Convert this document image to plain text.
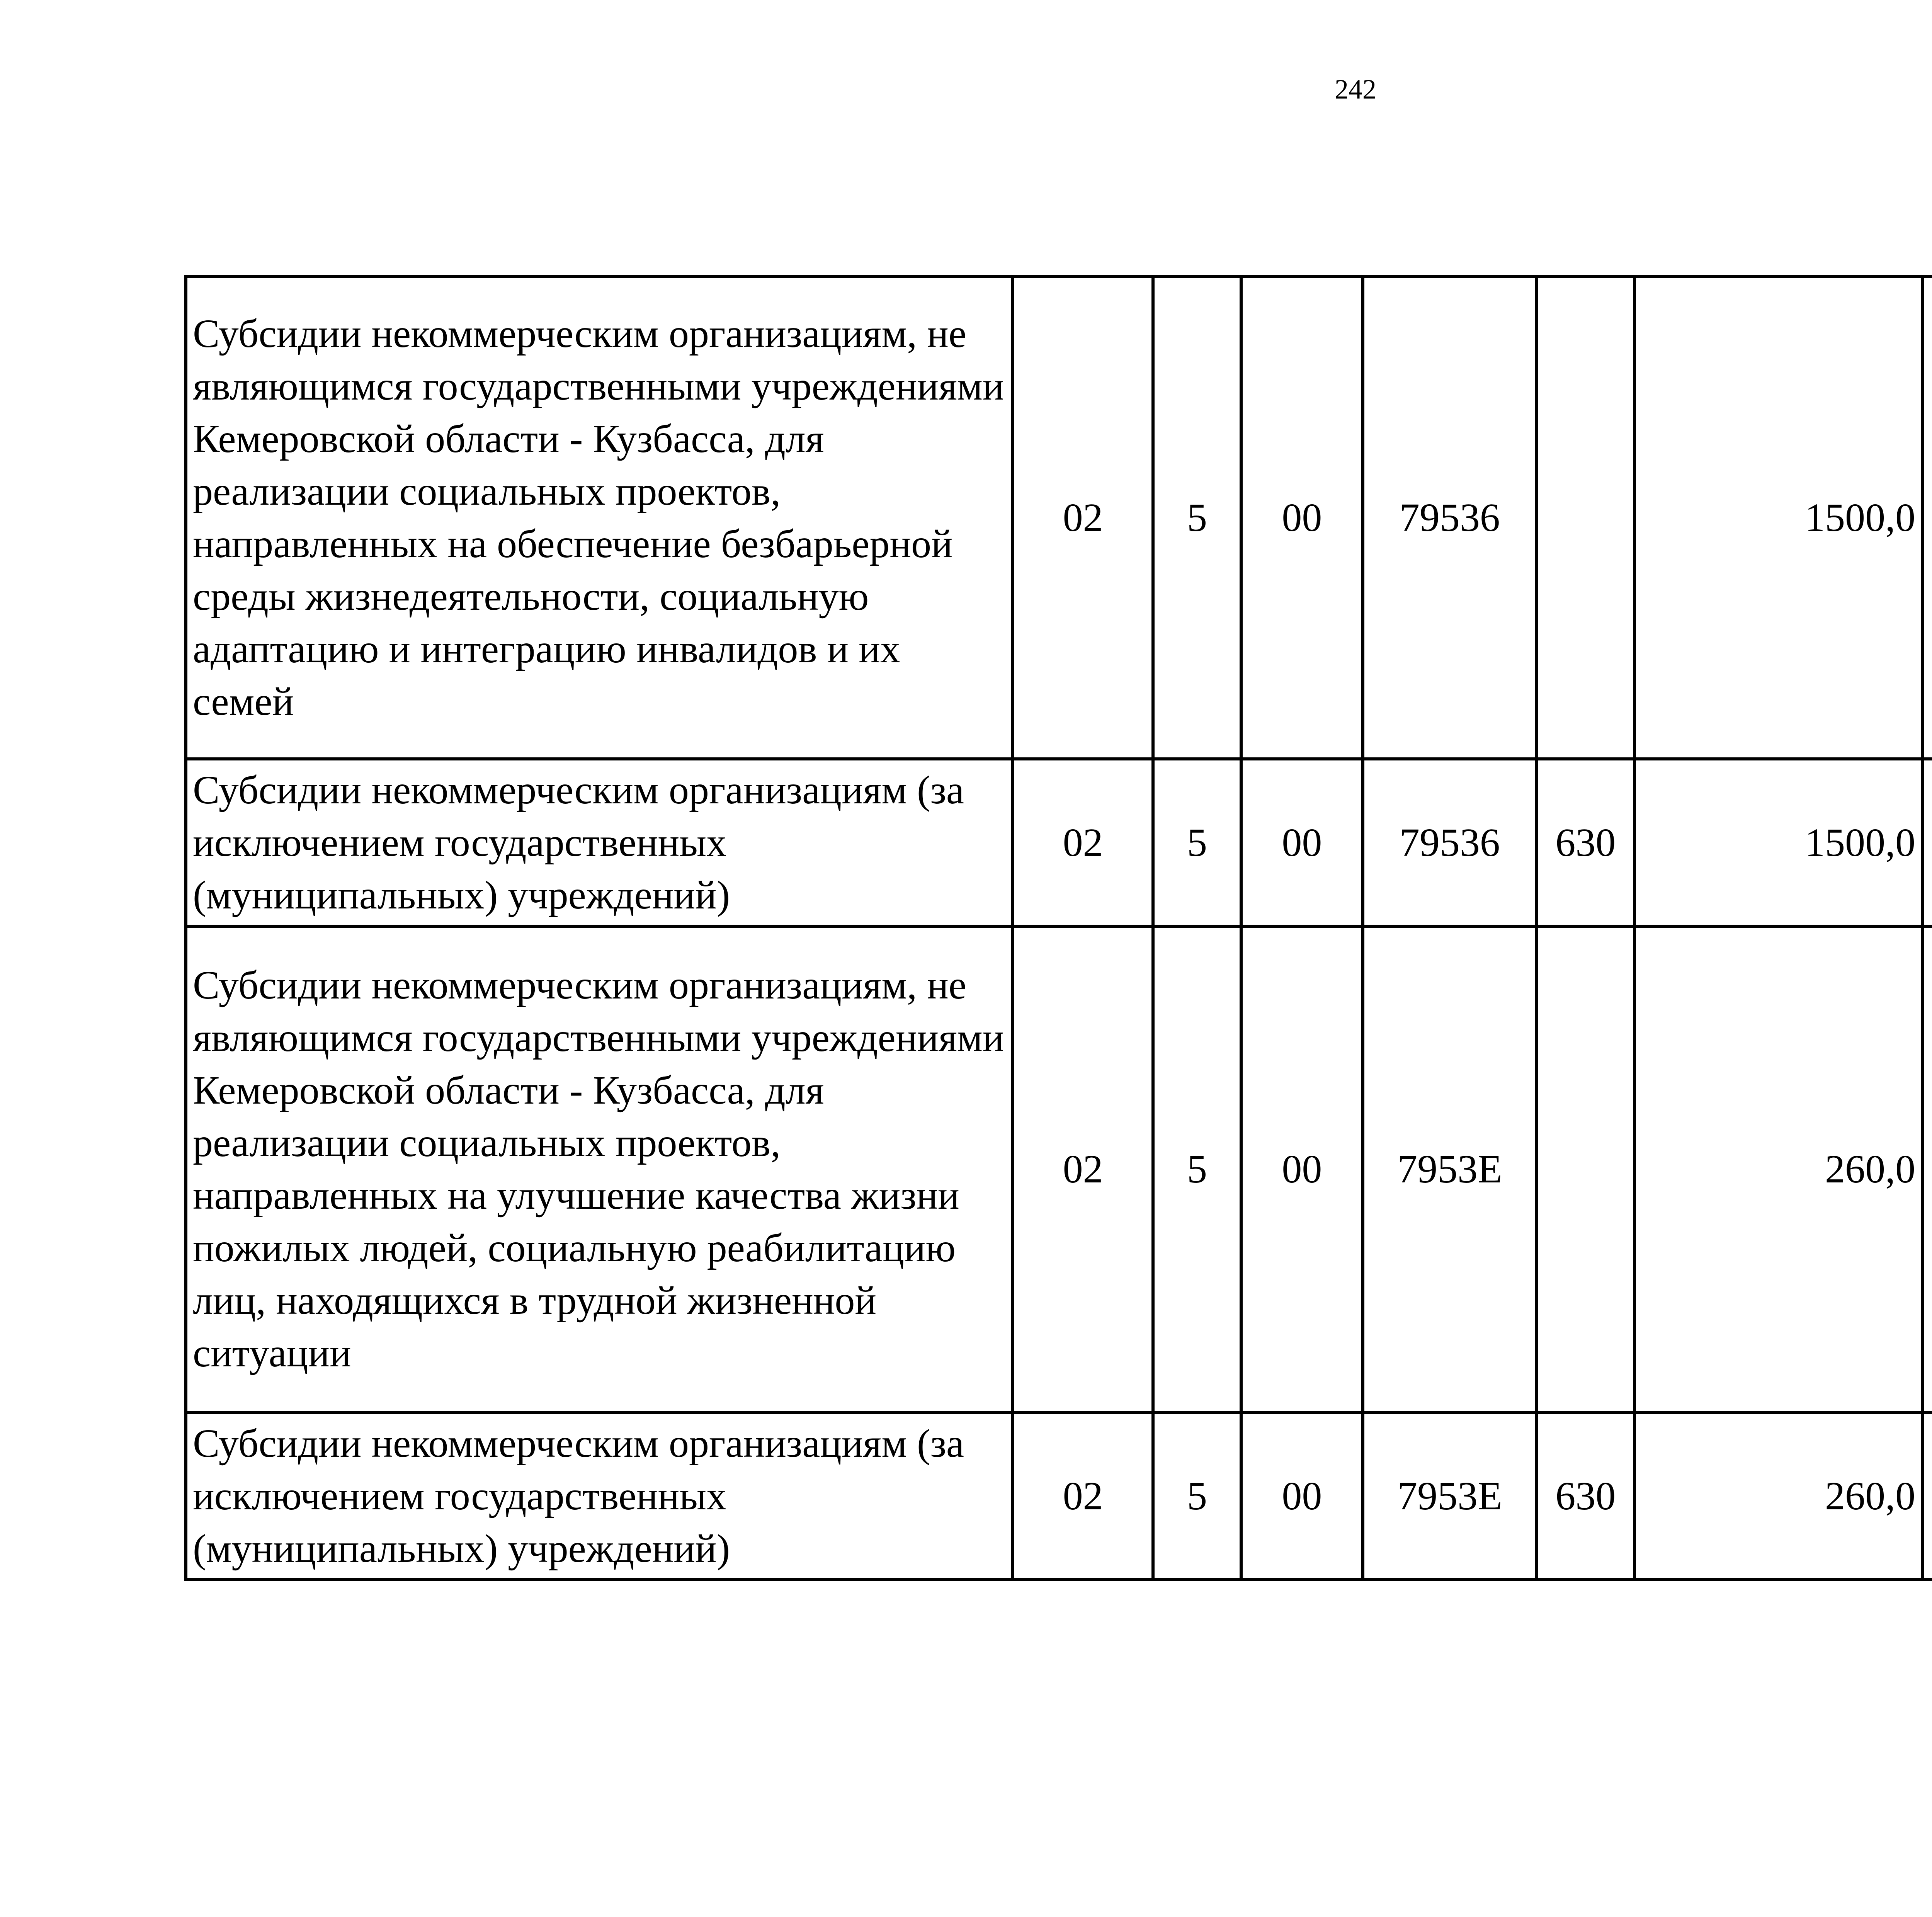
242
Субсидии некоммерческим организациям, не являющимся государственными учреждениями Кемеровской области - Кузбасса, для реализации социальных проектов, направленных на обеспечение безбарьерной среды жизнедеятельности, социальную адаптацию и интеграцию инвалидов и их семей	02	5	00	79536		1500,0		
Субсидии некоммерческим организациям (за исключением государственных (муниципальных) учреждений)	02	5	00	79536	630	1500,0		
Субсидии некоммерческим организациям, не являющимся государственными учреждениями Кемеровской области - Кузбасса, для реализации социальных проектов, направленных на улучшение качества жизни пожилых людей, социальную реабилитацию лиц, находящихся в трудной жизненной ситуации	02	5	00	7953Е		260,0		
Субсидии некоммерческим организациям (за исключением государственных (муниципальных) учреждений)	02	5	00	7953Е	630	260,0		
